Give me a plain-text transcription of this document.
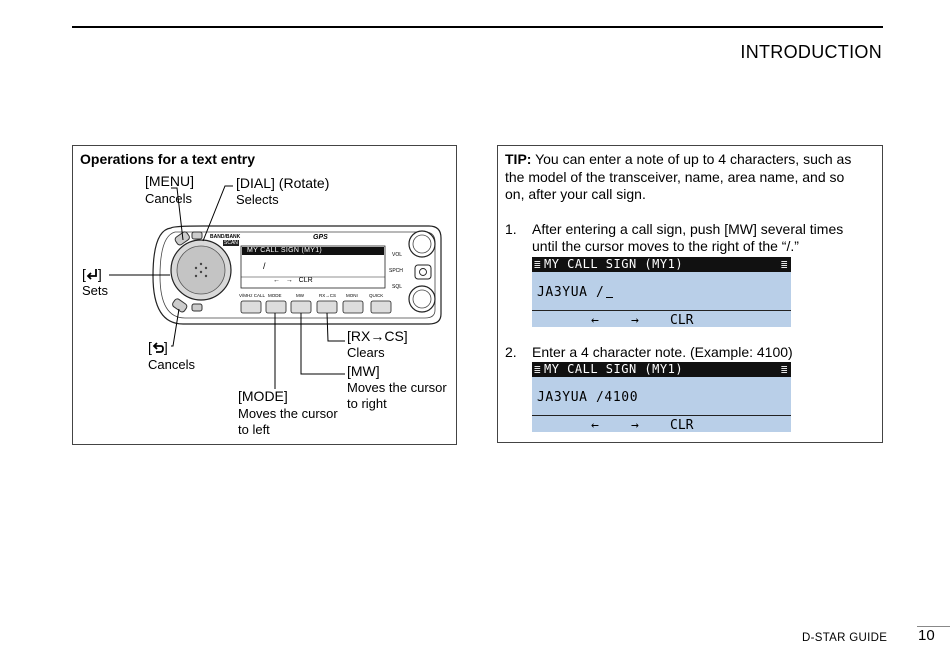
INTRODUCTION
Operations for a text entry
BAND/BANK
SCAN
GPS
MY CALL SIGN (MY1)
/
←   →   CLR
VOL
SPCH
SQL
V/MHz CALL MODE	MW	RX→CS MONI	QUICK
[MENU]
Cancels
[DIAL] (Rotate)
Selects
[ ]
Sets
[ ]
Cancels
[RX→CS]
Clears
[MW]
Moves the cursor
to right
[MODE]
Moves the cursor
to left
TIP: You can enter a note of up to 4 characters, such as
the model of the transceiver, name, area name, and so
on, after your call sign.
1. After entering a call sign, push [MW] several times
until the cursor moves to the right of the “/.”
≣ MY CALL SIGN (MY1)	≣
JA3YUA /
← → CLR
2. Enter a 4 character note. (Example: 4100)
≣ MY CALL SIGN (MY1)	≣
JA3YUA /4100
← → CLR
D-STAR GUIDE 10
